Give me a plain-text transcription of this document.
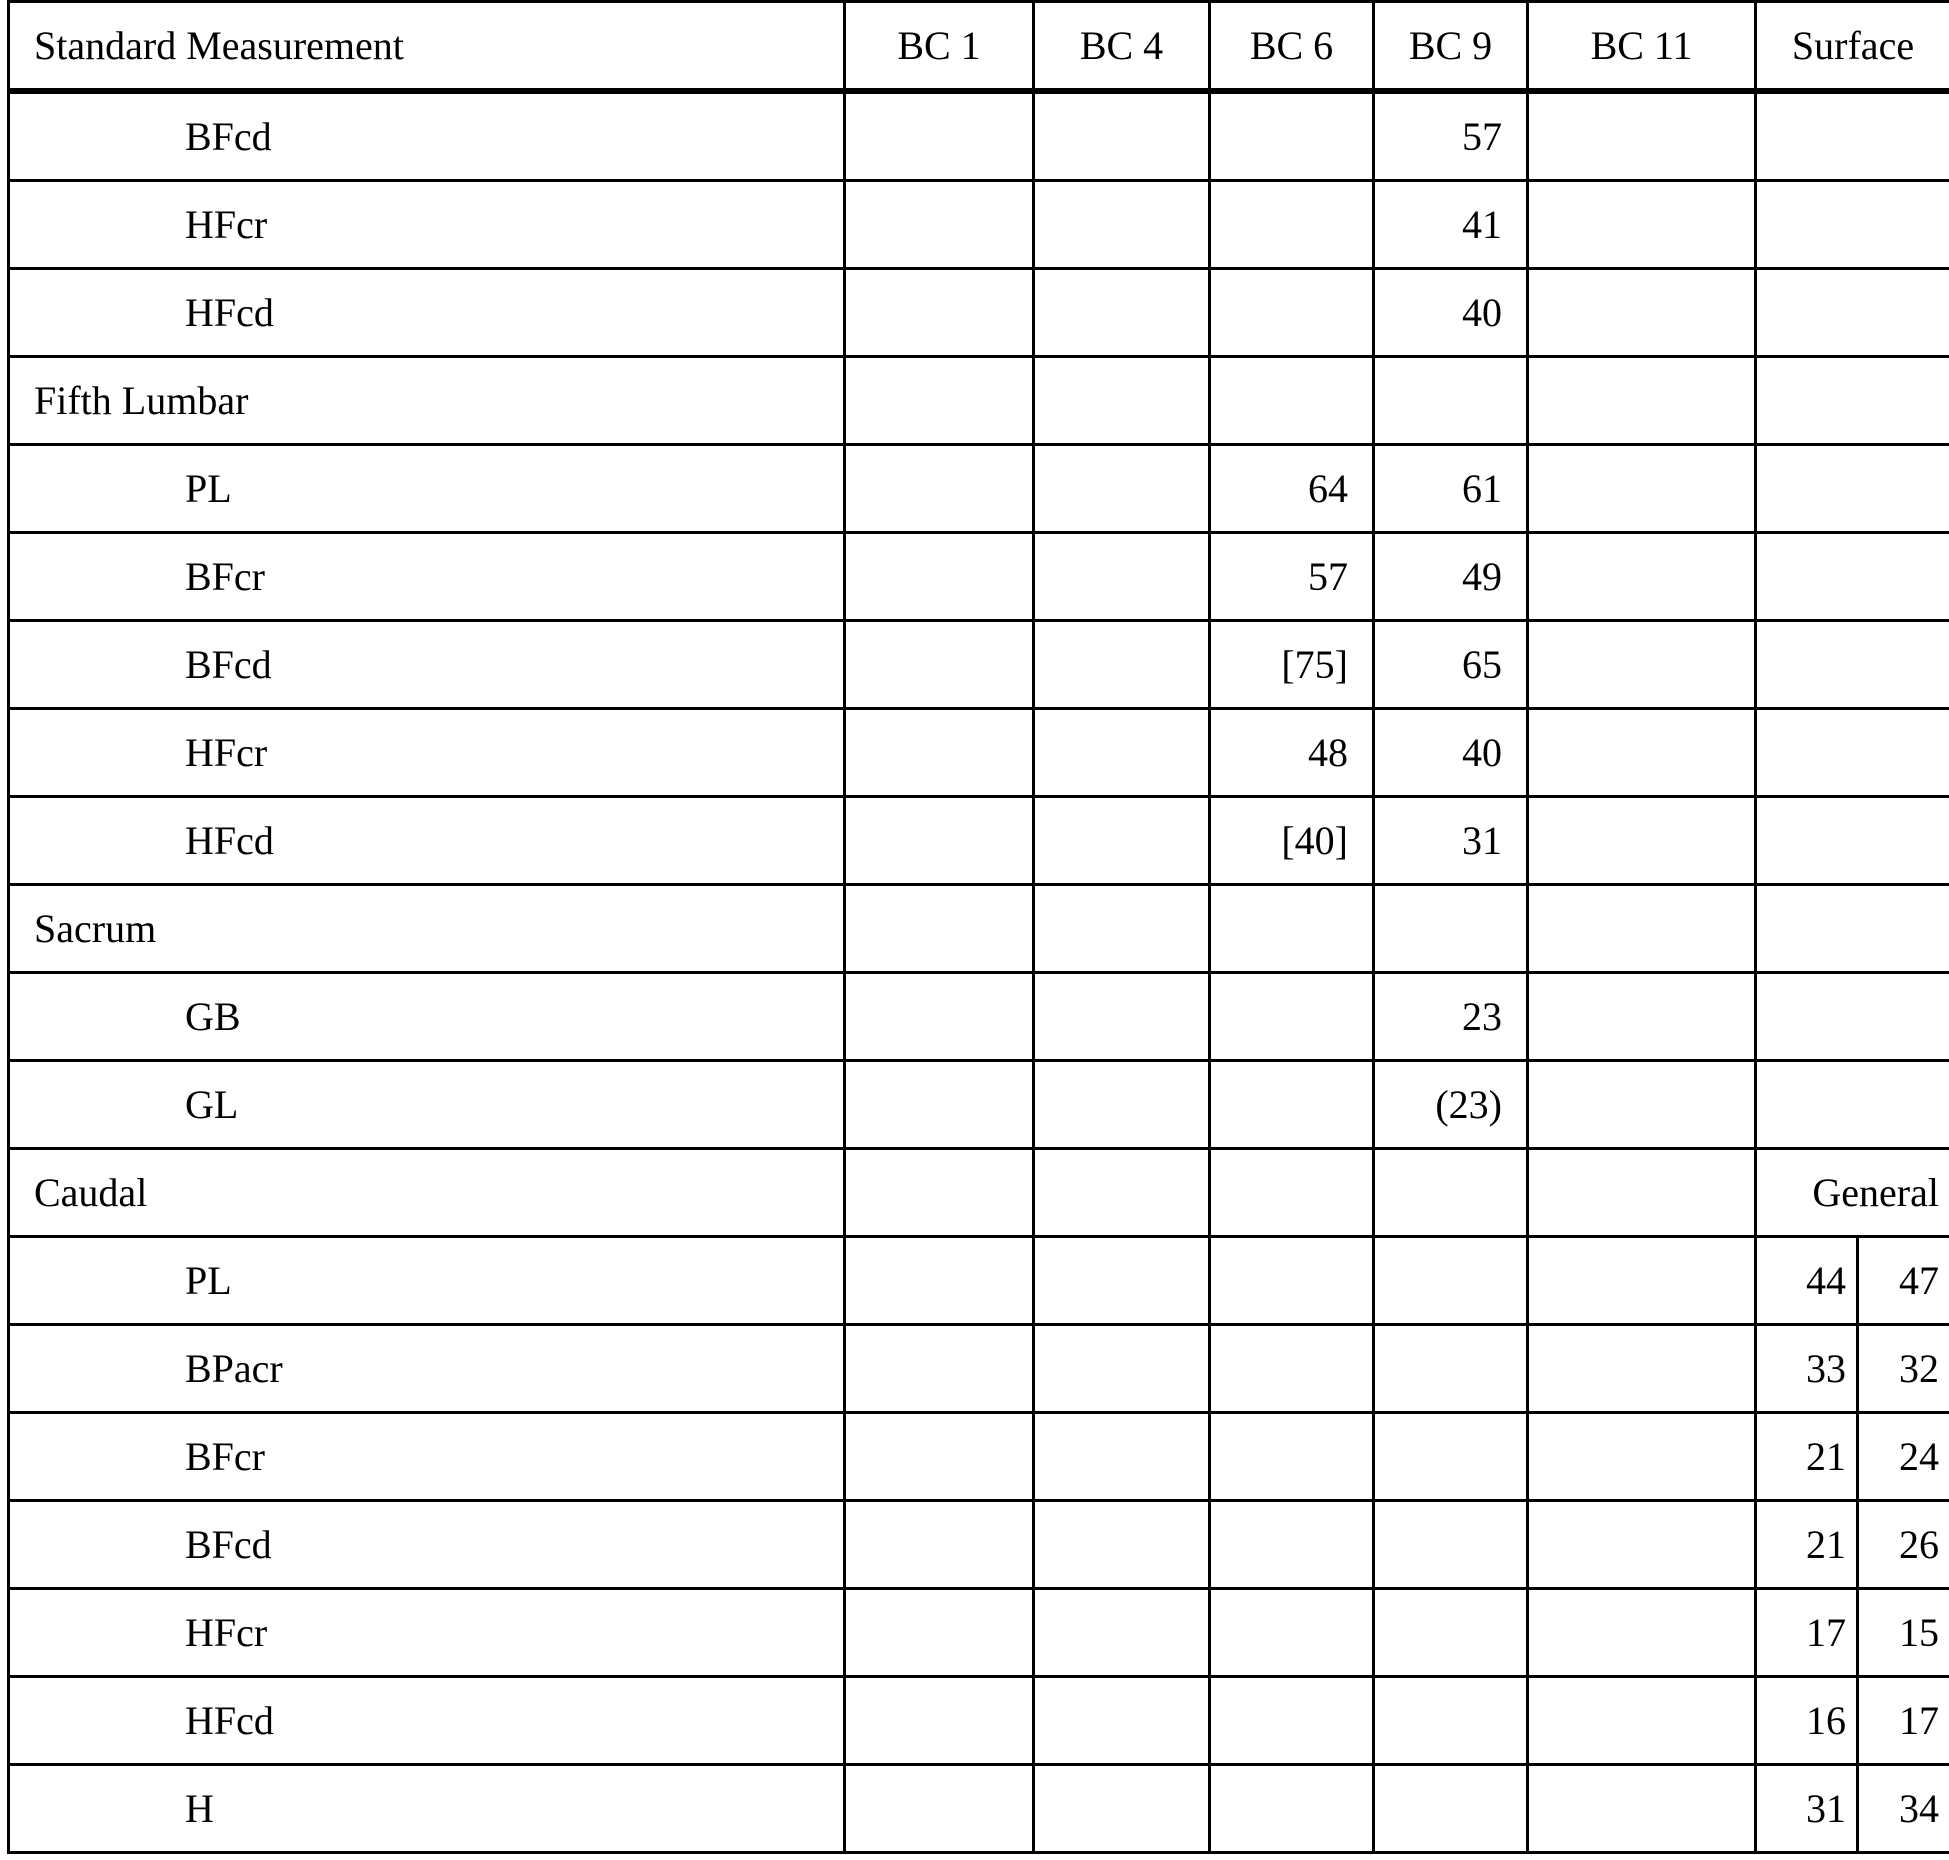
Standard Measurement	BC 1	BC 4	BC 6	BC 9	BC 11	Surface	
BFcd				57			
HFcr				41			
HFcd				40			
Fifth Lumbar							
PL			64	61			
BFcr			57	49			
BFcd			[75]	65			
HFcr			48	40			
HFcd			[40]	31			
Sacrum							
GB				23			
GL				(23)			
Caudal						General	
PL						44	47
BPacr						33	32
BFcr						21	24
BFcd						21	26
HFcr						17	15
HFcd						16	17
H						31	34
